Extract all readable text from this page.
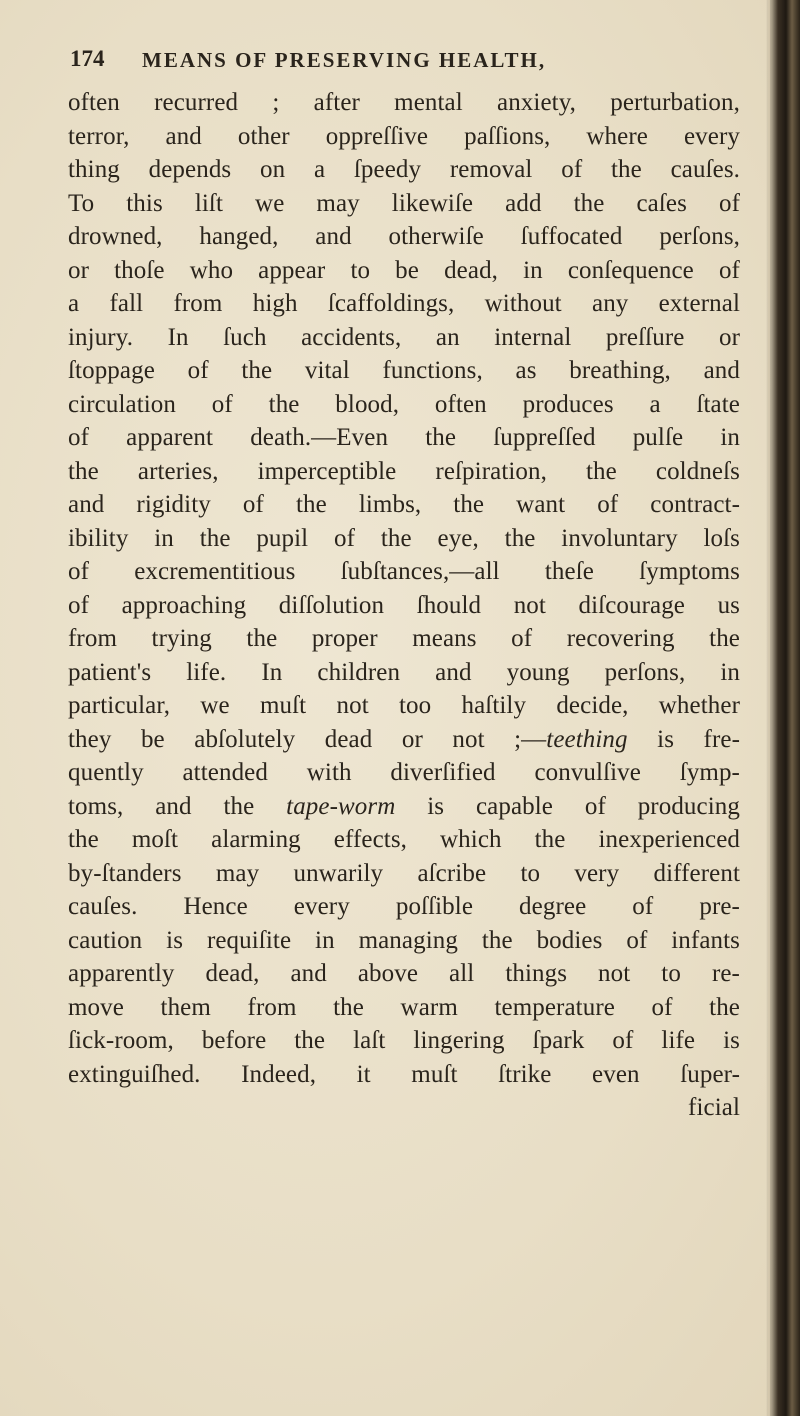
174 MEANS OF PRESERVING HEALTH,
often recurred ; after mental anxiety, perturbation,
terror, and other oppreſſive paſſions, where every
thing depends on a ſpeedy removal of the cauſes.
To this liſt we may likewiſe add the caſes of
drowned, hanged, and otherwiſe ſuffocated perſons,
or thoſe who appear to be dead, in conſequence of
a fall from high ſcaffoldings, without any external
injury. In ſuch accidents, an internal preſſure or
ſtoppage of the vital functions, as breathing, and
circulation of the blood, often produces a ſtate
of apparent death.—Even the ſuppreſſed pulſe in
the arteries, imperceptible reſpiration, the coldneſs
and rigidity of the limbs, the want of contract-
ibility in the pupil of the eye, the involuntary loſs
of excrementitious ſubſtances,—all theſe ſymptoms
of approaching diſſolution ſhould not diſcourage us
from trying the proper means of recovering the
patient's life. In children and young perſons, in
particular, we muſt not too haſtily decide, whether
they be abſolutely dead or not ;—teething is fre-
quently attended with diverſified convulſive ſymp-
toms, and the tape-worm is capable of producing
the moſt alarming effects, which the inexperienced
by-ſtanders may unwarily aſcribe to very different
cauſes. Hence every poſſible degree of pre-
caution is requiſite in managing the bodies of infants
apparently dead, and above all things not to re-
move them from the warm temperature of the
ſick-room, before the laſt lingering ſpark of life is
extinguiſhed. Indeed, it muſt ſtrike even ſuper-
ficial
